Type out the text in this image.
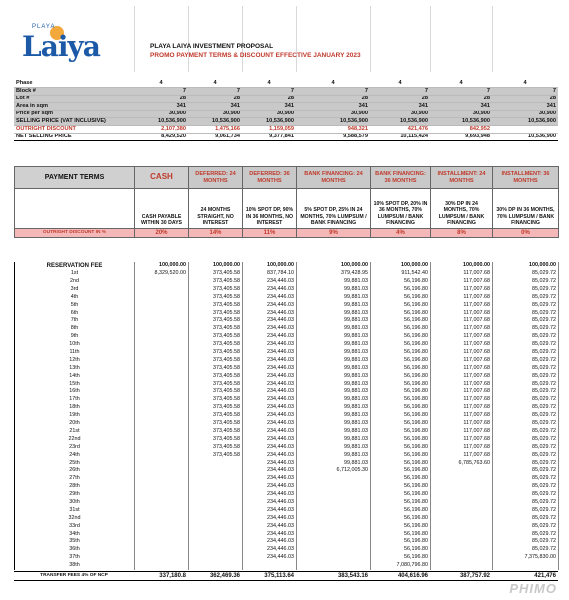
PLAYA
Laiya	PLAYA LAIYA INVESTMENT PROPOSAL
PROMO PAYMENT TERMS & DISCOUNT EFFECTIVE JANUARY 2023
Phase	4	4	4	4	4	4	4
Block #	7	7	7	7	7	7	7
Lot #	28	28	28	28	28	28	28
Area in sqm	341	341	341	341	341	341	341
Price per sqm	30,900	30,900	30,900	30,900	30,900	30,900	30,900
SELLING PRICE (VAT INCLUSIVE)	10,536,900	10,536,900	10,536,900	10,536,900	10,536,900	10,536,900	10,536,900
OUTRIGHT DISCOUNT	2,107,380	1,475,166	1,159,059	948,321	421,476	842,952	
NET SELLING PRICE	8,429,520	9,061,734	9,377,841	9,588,579	10,115,424	9,693,948	10,536,900
PAYMENT TERMS	CASH	DEFERRED: 24 MONTHS	DEFERRED: 36 MONTHS	BANK FINANCING: 24 MONTHS	BANK FINANCING: 36 MONTHS	INSTALLMENT: 24 MONTHS	INSTALLMENT: 36 MONTHS
	CASH PAYABLE WITHIN 30 DAYS	24 MONTHS STRAIGHT, NO INTEREST	10% SPOT DP, 90% IN 36 MONTHS, NO INTEREST	5% SPOT DP, 25% IN 24 MONTHS, 70% LUMPSUM / BANK FINANCING	10% SPOT DP, 20% IN 36 MONTHS, 70% LUMPSUM / BANK FINANCING	30% DP IN 24 MONTHS, 70% LUMPSUM / BANK FINANCING	30% DP IN 36 MONTHS, 70% LUMPSUM / BANK FINANCING
OUTRIGHT DISCOUNT IN %	20%	14%	11%	9%	4%	8%	0%
RESERVATION FEE	100,000.00	100,000.00	100,000.00	100,000.00	100,000.00	100,000.00	100,000.00
1st	8,329,520.00	373,405.58	837,784.10	379,428.95	911,542.40	117,007.68	85,029.72
2nd		373,405.58	234,446.03	99,881.03	56,196.80	117,007.68	85,029.72
3rd		373,405.58	234,446.03	99,881.03	56,196.80	117,007.68	85,029.72
4th		373,405.58	234,446.03	99,881.03	56,196.80	117,007.68	85,029.72
5th		373,405.58	234,446.03	99,881.03	56,196.80	117,007.68	85,029.72
6th		373,405.58	234,446.03	99,881.03	56,196.80	117,007.68	85,029.72
7th		373,405.58	234,446.03	99,881.03	56,196.80	117,007.68	85,029.72
8th		373,405.58	234,446.03	99,881.03	56,196.80	117,007.68	85,029.72
9th		373,405.58	234,446.03	99,881.03	56,196.80	117,007.68	85,029.72
10th		373,405.58	234,446.03	99,881.03	56,196.80	117,007.68	85,029.72
11th		373,405.58	234,446.03	99,881.03	56,196.80	117,007.68	85,029.72
12th		373,405.58	234,446.03	99,881.03	56,196.80	117,007.68	85,029.72
13th		373,405.58	234,446.03	99,881.03	56,196.80	117,007.68	85,029.72
14th		373,405.58	234,446.03	99,881.03	56,196.80	117,007.68	85,029.72
15th		373,405.58	234,446.03	99,881.03	56,196.80	117,007.68	85,029.72
16th		373,405.58	234,446.03	99,881.03	56,196.80	117,007.68	85,029.72
17th		373,405.58	234,446.03	99,881.03	56,196.80	117,007.68	85,029.72
18th		373,405.58	234,446.03	99,881.03	56,196.80	117,007.68	85,029.72
19th		373,405.58	234,446.03	99,881.03	56,196.80	117,007.68	85,029.72
20th		373,405.58	234,446.03	99,881.03	56,196.80	117,007.68	85,029.72
21st		373,405.58	234,446.03	99,881.03	56,196.80	117,007.68	85,029.72
22nd		373,405.58	234,446.03	99,881.03	56,196.80	117,007.68	85,029.72
23rd		373,405.58	234,446.03	99,881.03	56,196.80	117,007.68	85,029.72
24th		373,405.58	234,446.03	99,881.03	56,196.80	117,007.68	85,029.72
25th			234,446.03	99,881.03	56,196.80	6,785,763.60	85,029.72
26th			234,446.03	6,712,005.30	56,196.80		85,029.72
27th			234,446.03		56,196.80		85,029.72
28th			234,446.03		56,196.80		85,029.72
29th			234,446.03		56,196.80		85,029.72
30th			234,446.03		56,196.80		85,029.72
31st			234,446.03		56,196.80		85,029.72
32nd			234,446.03		56,196.80		85,029.72
33rd			234,446.03		56,196.80		85,029.72
34th			234,446.03		56,196.80		85,029.72
35th			234,446.03		56,196.80		85,029.72
36th			234,446.03		56,196.80		85,029.72
37th			234,446.03		56,196.80		7,375,830.00
38th					7,080,796.80		
TRANSFER FEES 4% OF NCP	337,180.8	362,469.36	375,113.64	383,543.16	404,616.96	387,757.92	421,476
PHIMO
